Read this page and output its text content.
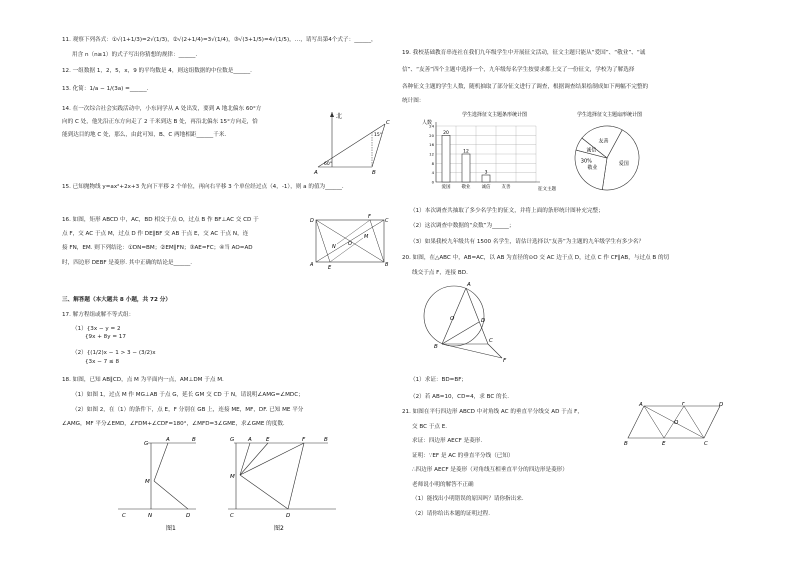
11. 观察下列各式：①√(1+1/3)=2√(1/3)，②√(2+1/4)=3√(1/4)，③√(3+1/5)=4√(1/5)，…，请写出第4个式子：______，
用含 n（n≥1）的式子写出你猜想的规律：______.
12. 一组数据 1，2，5，x，9 的平均数是 4，则这组数据的中位数是______.
13. 化简：1/a − 1/(3a) =______.
14. 在一次综合社会实践活动中，小东同学从 A 处出发，要到 A 地北偏东 60°方
向的 C 处，他先沿正东方向走了 2 千米到达 B 处，再沿北偏东 15°方向走，恰
能到达目的地 C 处，那么，由此可知，B、C 两地相距______千米.
北
A	B
C
60°
15°
15. 已知抛物线 y=ax²+2x+3 先向下平移 2 个单位，再向右平移 3 个单位经过点（4，-1），则 a 的值为______.
16. 如图，矩形 ABCD 中，AC，BD 相交于点 O，过点 B 作 BF⊥AC 交 CD 于
点 F，交 AC 于点 M，过点 D 作 DE∥BF 交 AB 于点 E，交 AC 于点 N，连
接 FN，EM. 则下列结论：①DN=BM；②EM∥FN；③AE=FC；④当 AO=AD
时，四边形 DEBF 是菱形. 其中正确的结论是______.
D
A	B
C
F
E
M
N O
三、解答题（本大题共 8 小题，共 72 分）
17. 解方程组或解不等式组：
（1）{3x − y = 2
{9x + 8y = 17
（2）{(1/2)x − 1 > 3 − (3/2)x
{3x − 7 ≤ 8
18. 如图，已知 AB∥CD，点 M 为平面内一点，AM⊥DM 于点 M.
（1）如图 1，过点 M 作 MG⊥AB 于点 G，延长 GM 交 CD 于 N，请说明∠AMG=∠MDC；
（2）如图 2，在（1）的条件下，点 E，F 分别在 GB 上，连接 ME，MF，DF. 已知 ME 平分
∠AMG，MF 平分∠EMD，∠FDM+∠CDF=180°，∠MFD=3∠GME，求∠GME 的度数.
G
A	B
M
C	N	D
图1
G A	E	F	B
M
C	D
图2
19. 我校基础教育串连社在我们九年级学生中开展征文活动，征文主题只能从“爱国”、“敬业”、“诚
信”、“友善”四个主题中选择一个，九年级每名学生按要求都上交了一份征文，学校为了解选择
各种征文主题的学生人数，随机抽取了部分征文进行了调查，根据调查结果绘制成如下两幅不完整的
统计图：
学生选择征文主题条形统计图
人数
20
12
3
爱国 敬业 诚信 友善
0
4
8
12
16
20
24
征文主题
学生选择征文主题扇形统计图
友善
爱国
敬业
30%
诚信
（1）本次调查共抽取了多少名学生的征文，并将上面的条形统计图补充完整；
（2）这次调查中数据的“众数”为______；
（3）如果我校九年级共有 1500 名学生，请估计选择以“友善”为主题的九年级学生有多少名？
20. 如图，在△ABC 中，AB=AC，以 AB 为直径的⊙O 交 AC 边于点 D，过点 C 作 CF∥AB，与过点 B 的切
线交于点 F，连接 BD.
A
B
C
D
F
O
（1）求证：BD=BF；
（2）若 AB=10，CD=4，求 BC 的长.
21. 如图在平行四边形 ABCD 中对角线 AC 的垂直平分线交 AD 于点 F，
交 BC 于点 E.
求证：四边形 AECF 是菱形.
证明：∵EF 是 AC 的垂直平分线（已知）
∴四边形 AECF 是菱形（对角线互相垂直平分的四边形是菱形）
老师说小明的解答不正确
（1）能找出小明错误的原因吗？请你指出来.
（2）请你给出本题的证明过程.
A	F	D
B	E	C
O
